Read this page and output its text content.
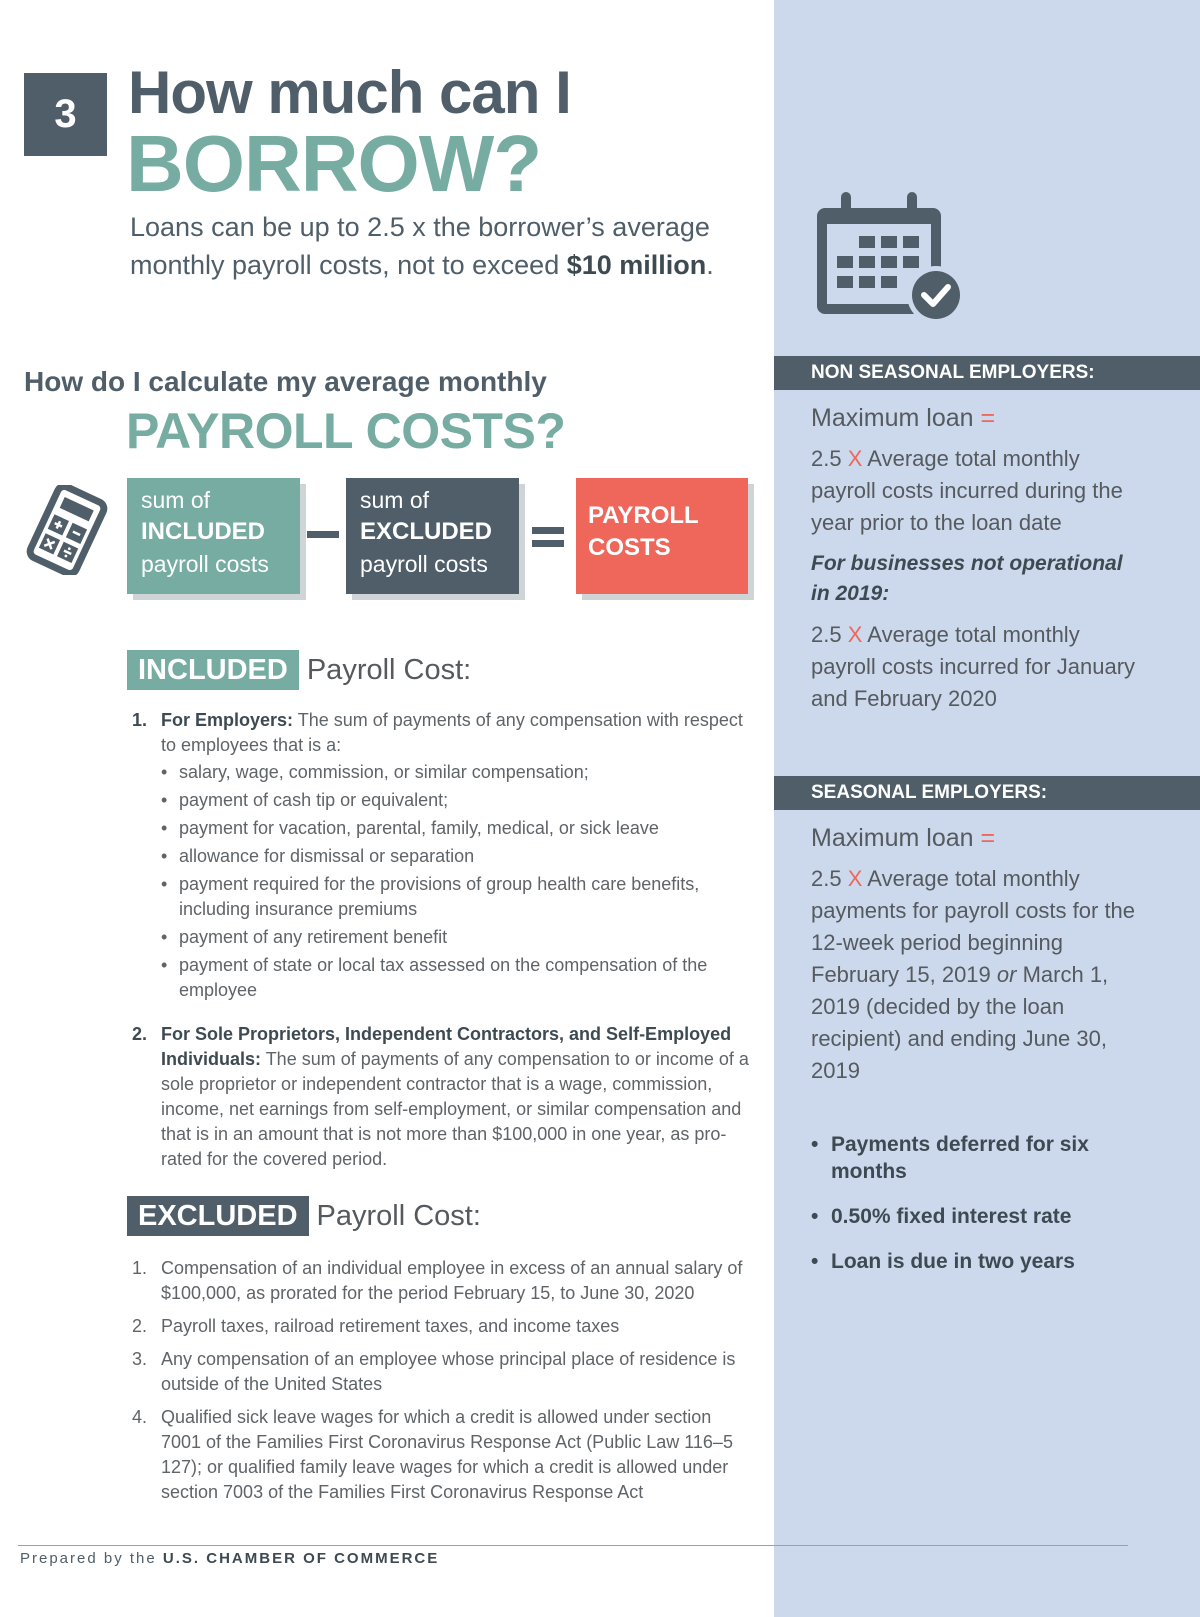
3 How much can I
BORROW?
Loans can be up to 2.5 x the borrower’s average monthly payroll costs, not to exceed $10 million.
How do I calculate my average monthly
PAYROLL COSTS?
sum of
INCLUDED
payroll costs
sum of
EXCLUDED
payroll costs
PAYROLL
COSTS
INCLUDED Payroll Cost:
1. For Employers: The sum of payments of any compensation with respect to employees that is a:
• salary, wage, commission, or similar compensation;
• payment of cash tip or equivalent;
• payment for vacation, parental, family, medical, or sick leave
• allowance for dismissal or separation
• payment required for the provisions of group health care benefits, including insurance premiums
• payment of any retirement benefit
• payment of state or local tax assessed on the compensation of the employee
2. For Sole Proprietors, Independent Contractors, and Self-Employed Individuals: The sum of payments of any compensation to or income of a sole proprietor or independent contractor that is a wage, commission, income, net earnings from self-employment, or similar compensation and that is in an amount that is not more than $100,000 in one year, as pro-rated for the covered period.
EXCLUDED Payroll Cost:
1. Compensation of an individual employee in excess of an annual salary of $100,000, as prorated for the period February 15, to June 30, 2020
2. Payroll taxes, railroad retirement taxes, and income taxes
3. Any compensation of an employee whose principal place of residence is outside of the United States
4. Qualified sick leave wages for which a credit is allowed under section 7001 of the Families First Coronavirus Response Act (Public Law 116–5 127); or qualified family leave wages for which a credit is allowed under section 7003 of the Families First Coronavirus Response Act
NON SEASONAL EMPLOYERS:
Maximum loan =
2.5 X Average total monthly payroll costs incurred during the year prior to the loan date
For businesses not operational in 2019:
2.5 X Average total monthly payroll costs incurred for January and February 2020
SEASONAL EMPLOYERS:
Maximum loan =
2.5 X Average total monthly payments for payroll costs for the 12-week period beginning February 15, 2019 or March 1, 2019 (decided by the loan recipient) and ending June 30, 2019
• Payments deferred for six months
• 0.50% fixed interest rate
• Loan is due in two years
Prepared by the U.S. CHAMBER OF COMMERCE
